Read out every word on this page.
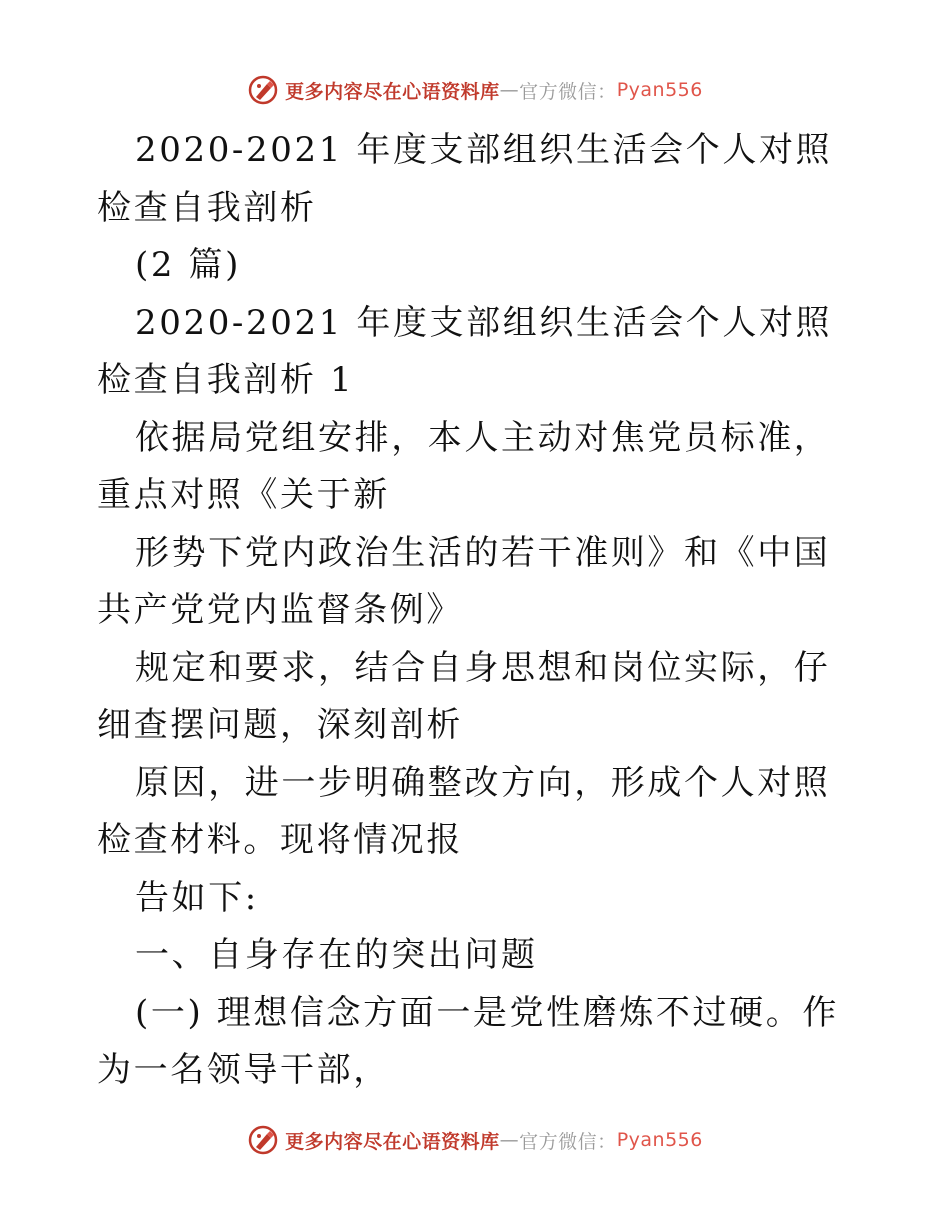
更多内容尽在心语资料库 — 官方微信： Pyan556

2020-2021 年度支部组织生活会个人对照检查自我剖析

(2 篇)

2020-2021 年度支部组织生活会个人对照检查自我剖析 1

依据局党组安排，本人主动对焦党员标准，重点对照《关于新

形势下党内政治生活的若干准则》和《中国共产党党内监督条例》

规定和要求，结合自身思想和岗位实际，仔细查摆问题，深刻剖析

原因，进一步明确整改方向，形成个人对照检查材料。现将情况报

告如下:

一、自身存在的突出问题

(一) 理想信念方面一是党性磨炼不过硬。作为一名领导干部，

更多内容尽在心语资料库 — 官方微信： Pyan556
